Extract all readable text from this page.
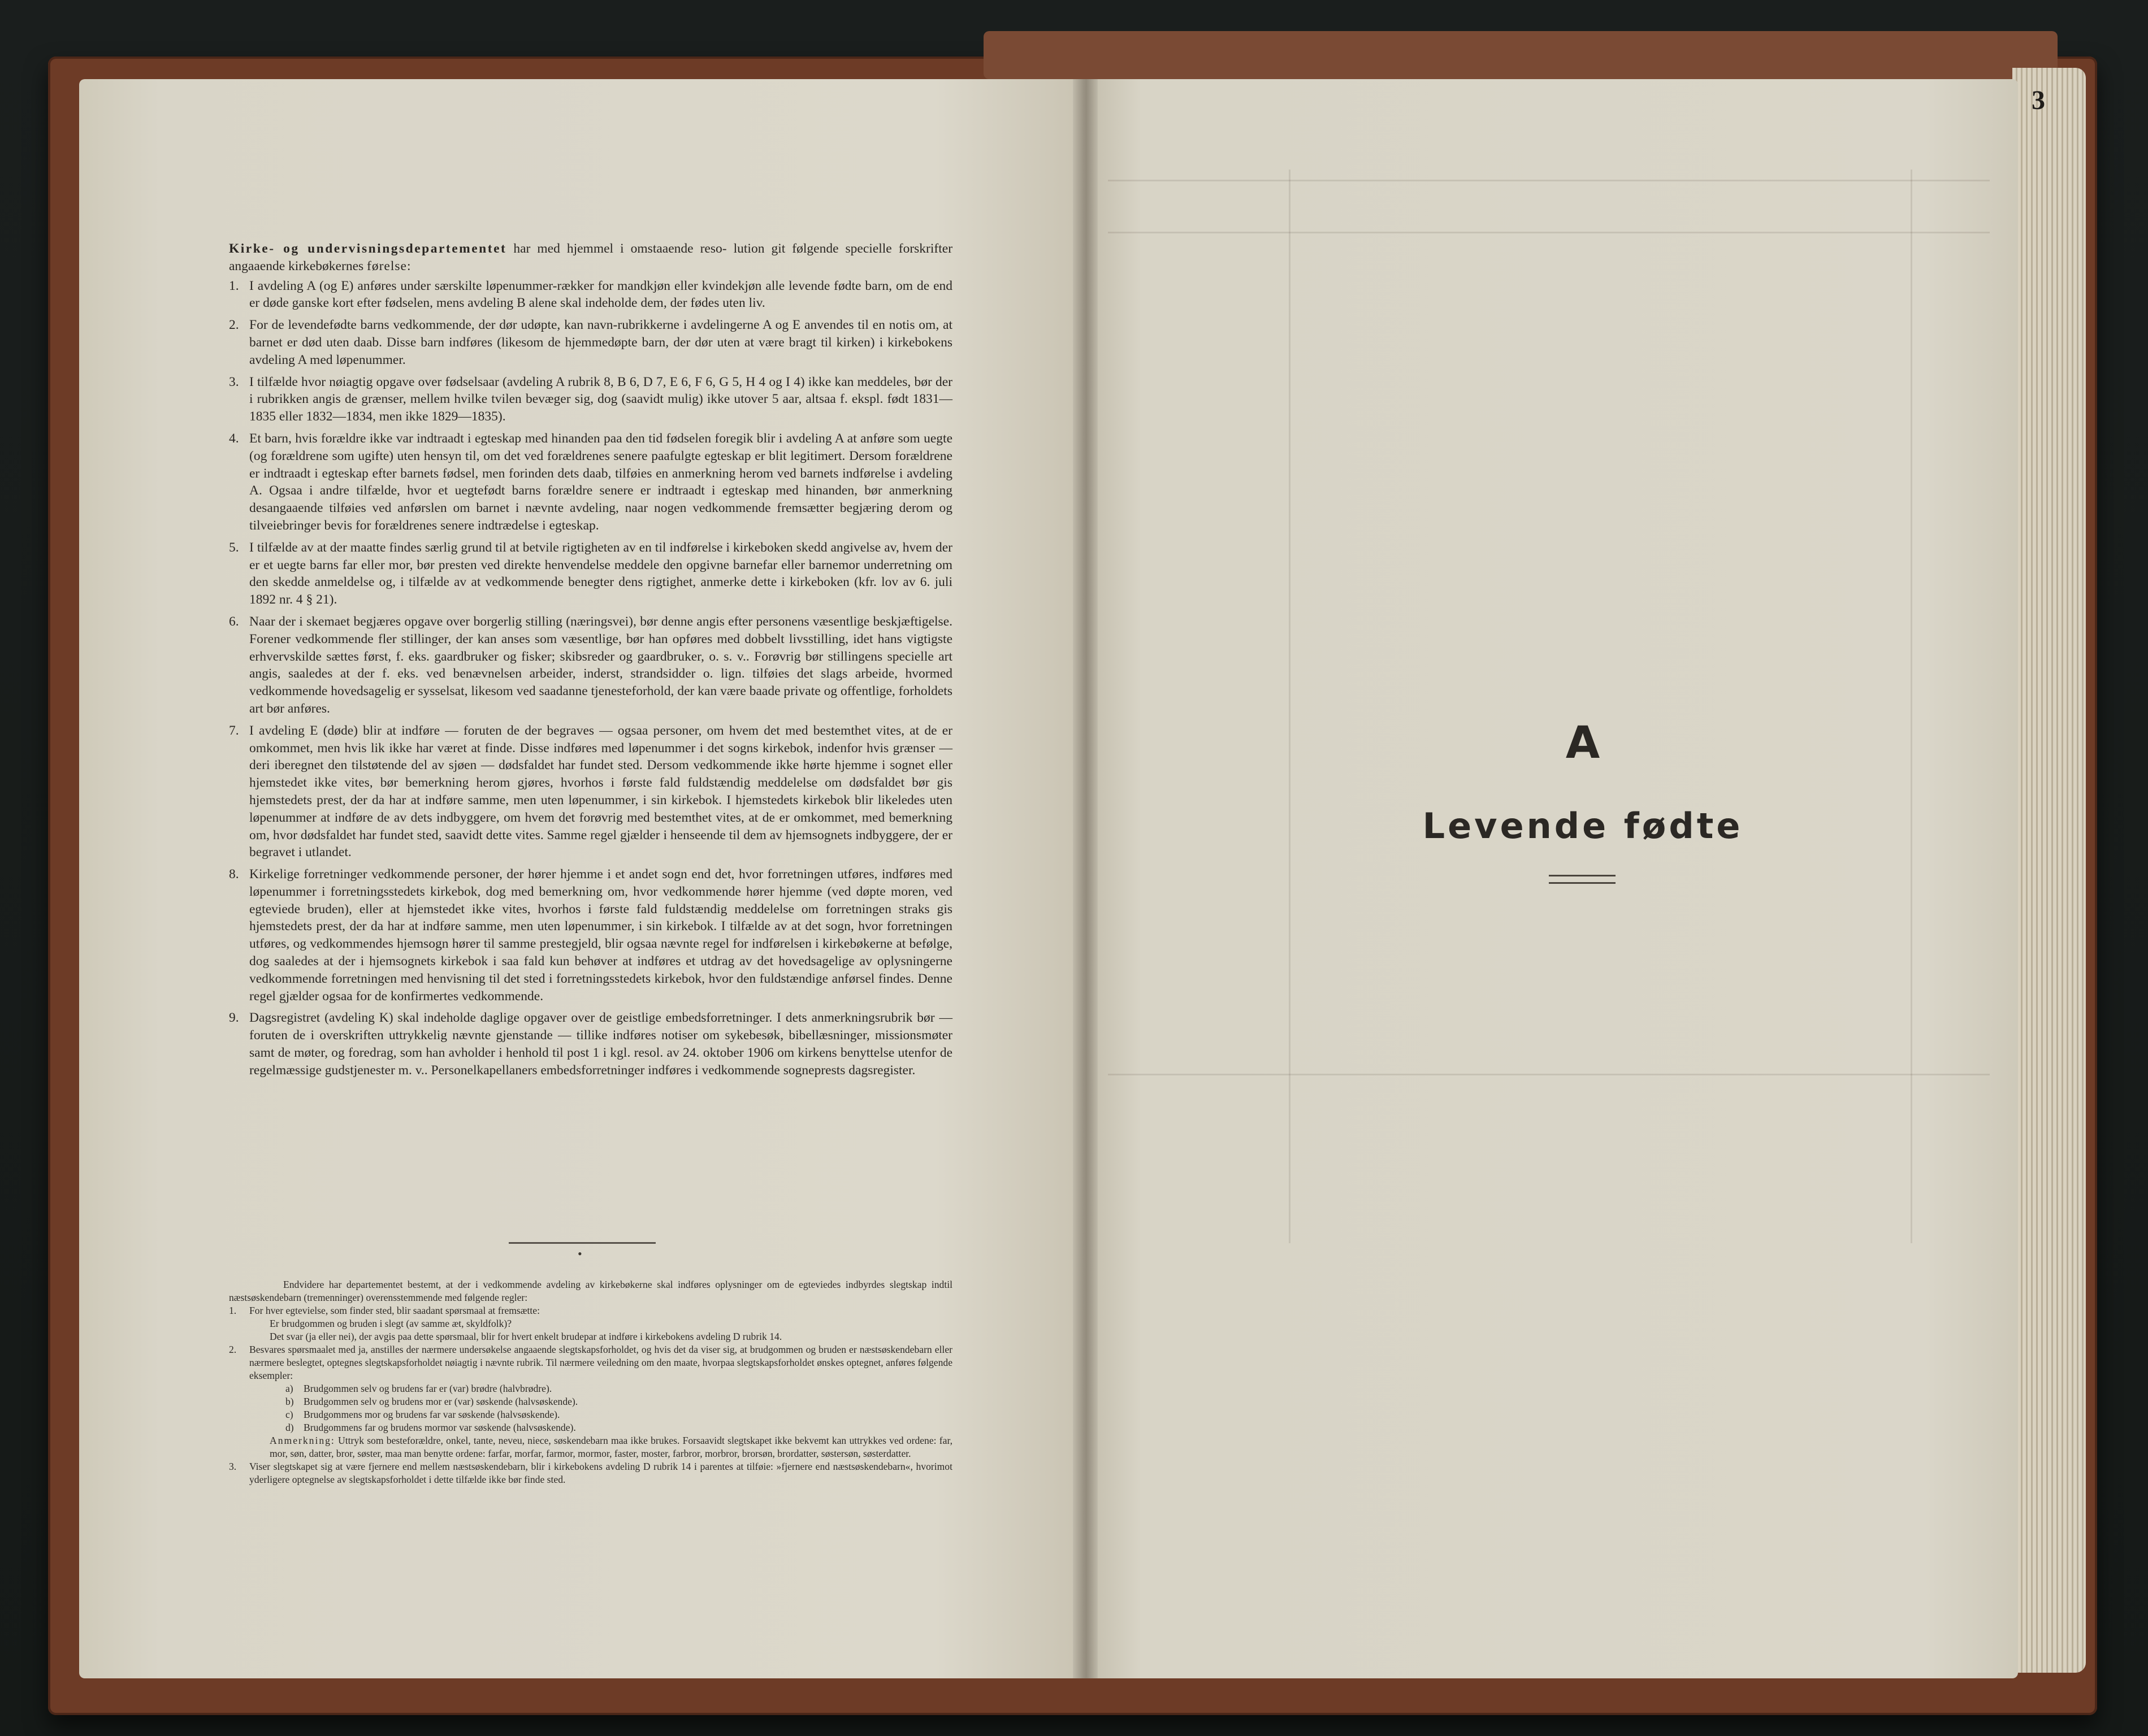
Kirke- og undervisningsdepartementet har med hjemmel i omstaaende reso- lution git følgende specielle forskrifter angaaende kirkebøkernes førelse:

1. I avdeling A (og E) anføres under særskilte løpenummer-rækker for mandkjøn eller kvindekjøn alle levende fødte barn, om de end er døde ganske kort efter fødselen, mens avdeling B alene skal indeholde dem, der fødes uten liv.

2. For de levendefødte barns vedkommende, der dør udøpte, kan navn-rubrikkerne i avdelingerne A og E anvendes til en notis om, at barnet er død uten daab. Disse barn indføres (likesom de hjemmedøpte barn, der dør uten at være bragt til kirken) i kirkebokens avdeling A med løpenummer.

3. I tilfælde hvor nøiagtig opgave over fødselsaar (avdeling A rubrik 8, B 6, D 7, E 6, F 6, G 5, H 4 og I 4) ikke kan meddeles, bør der i rubrikken angis de grænser, mellem hvilke tvilen bevæger sig, dog (saavidt mulig) ikke utover 5 aar, altsaa f. ekspl. født 1831—1835 eller 1832—1834, men ikke 1829—1835).

4. Et barn, hvis forældre ikke var indtraadt i egteskap med hinanden paa den tid fødselen foregik blir i avdeling A at anføre som uegte (og forældrene som ugifte) uten hensyn til, om det ved forældrenes senere paafulgte egteskap er blit legitimert. Dersom forældrene er indtraadt i egteskap efter barnets fødsel, men forinden dets daab, tilføies en anmerkning herom ved barnets indførelse i avdeling A. Ogsaa i andre tilfælde, hvor et uegtefødt barns forældre senere er indtraadt i egteskap med hinanden, bør anmerkning desangaaende tilføies ved anførslen om barnet i nævnte avdeling, naar nogen vedkommende fremsætter begjæring derom og tilveiebringer bevis for forældrenes senere indtrædelse i egteskap.

5. I tilfælde av at der maatte findes særlig grund til at betvile rigtigheten av en til indførelse i kirkeboken skedd angivelse av, hvem der er et uegte barns far eller mor, bør presten ved direkte henvendelse meddele den opgivne barnefar eller barnemor underretning om den skedde anmeldelse og, i tilfælde av at vedkommende benegter dens rigtighet, anmerke dette i kirkeboken (kfr. lov av 6. juli 1892 nr. 4 § 21).

6. Naar der i skemaet begjæres opgave over borgerlig stilling (næringsvei), bør denne angis efter personens væsentlige beskjæftigelse. Forener vedkommende fler stillinger, der kan anses som væsentlige, bør han opføres med dobbelt livsstilling, idet hans vigtigste erhvervskilde sættes først, f. eks. gaardbruker og fisker; skibsreder og gaardbruker, o. s. v.. Forøvrig bør stillingens specielle art angis, saaledes at der f. eks. ved benævnelsen arbeider, inderst, strandsidder o. lign. tilføies det slags arbeide, hvormed vedkommende hovedsagelig er sysselsat, likesom ved saadanne tjenesteforhold, der kan være baade private og offentlige, forholdets art bør anføres.

7. I avdeling E (døde) blir at indføre — foruten de der begraves — ogsaa personer, om hvem det med bestemthet vites, at de er omkommet, men hvis lik ikke har været at finde. Disse indføres med løpenummer i det sogns kirkebok, indenfor hvis grænser — deri iberegnet den tilstøtende del av sjøen — dødsfaldet har fundet sted. Dersom vedkommende ikke hørte hjemme i sognet eller hjemstedet ikke vites, bør bemerkning herom gjøres, hvorhos i første fald fuldstændig meddelelse om dødsfaldet bør gis hjemstedets prest, der da har at indføre samme, men uten løpenummer, i sin kirkebok. I hjemstedets kirkebok blir likeledes uten løpenummer at indføre de av dets indbyggere, om hvem det forøvrig med bestemthet vites, at de er omkommet, med bemerkning om, hvor dødsfaldet har fundet sted, saavidt dette vites. Samme regel gjælder i henseende til dem av hjemsognets indbyggere, der er begravet i utlandet.

8. Kirkelige forretninger vedkommende personer, der hører hjemme i et andet sogn end det, hvor forretningen utføres, indføres med løpenummer i forretningsstedets kirkebok, dog med bemerkning om, hvor vedkommende hører hjemme (ved døpte moren, ved egteviede bruden), eller at hjemstedet ikke vites, hvorhos i første fald fuldstændig meddelelse om forretningen straks gis hjemstedets prest, der da har at indføre samme, men uten løpenummer, i sin kirkebok. I tilfælde av at det sogn, hvor forretningen utføres, og vedkommendes hjemsogn hører til samme prestegjeld, blir ogsaa nævnte regel for indførelsen i kirkebøkerne at befølge, dog saaledes at der i hjemsognets kirkebok i saa fald kun behøver at indføres et utdrag av det hovedsagelige av oplysningerne vedkommende forretningen med henvisning til det sted i forretningsstedets kirkebok, hvor den fuldstændige anførsel findes. Denne regel gjælder ogsaa for de konfirmertes vedkommende.

9. Dagsregistret (avdeling K) skal indeholde daglige opgaver over de geistlige embedsforretninger. I dets anmerkningsrubrik bør — foruten de i overskriften uttrykkelig nævnte gjenstande — tillike indføres notiser om sykebesøk, bibellæsninger, missionsmøter samt de møter, og foredrag, som han avholder i henhold til post 1 i kgl. resol. av 24. oktober 1906 om kirkens benyttelse utenfor de regelmæssige gudstjenester m. v.. Personelkapellaners embedsforretninger indføres i vedkommende sogneprests dagsregister.

•

Endvidere har departementet bestemt, at der i vedkommende avdeling av kirkebøkerne skal indføres oplysninger om de egteviedes indbyrdes slegtskap indtil næstsøskendebarn (tremenninger) overensstemmende med følgende regler:

1. For hver egtevielse, som finder sted, blir saadant spørsmaal at fremsætte:

Er brudgommen og bruden i slegt (av samme æt, skyldfolk)?

Det svar (ja eller nei), der avgis paa dette spørsmaal, blir for hvert enkelt brudepar at indføre i kirkebokens avdeling D rubrik 14.

2. Besvares spørsmaalet med ja, anstilles der nærmere undersøkelse angaaende slegtskapsforholdet, og hvis det da viser sig, at brudgommen og bruden er næstsøskendebarn eller nærmere beslegtet, optegnes slegtskapsforholdet nøiagtig i nævnte rubrik. Til nærmere veiledning om den maate, hvorpaa slegtskapsforholdet ønskes optegnet, anføres følgende eksempler:

a) Brudgommen selv og brudens far er (var) brødre (halvbrødre).

b) Brudgommen selv og brudens mor er (var) søskende (halvsøskende).

c) Brudgommens mor og brudens far var søskende (halvsøskende).

d) Brudgommens far og brudens mormor var søskende (halvsøskende).

Anmerkning: Uttryk som besteforældre, onkel, tante, neveu, niece, søskendebarn maa ikke brukes. Forsaavidt slegtskapet ikke bekvemt kan uttrykkes ved ordene: far, mor, søn, datter, bror, søster, maa man benytte ordene: farfar, morfar, farmor, mormor, faster, moster, farbror, morbror, brorsøn, brordatter, søstersøn, søsterdatter.

3. Viser slegtskapet sig at være fjernere end mellem næstsøskendebarn, blir i kirkebokens avdeling D rubrik 14 i parentes at tilføie: »fjernere end næstsøskendebarn«, hvorimot yderligere optegnelse av slegtskapsforholdet i dette tilfælde ikke bør finde sted.

3
A
Levende fødte
